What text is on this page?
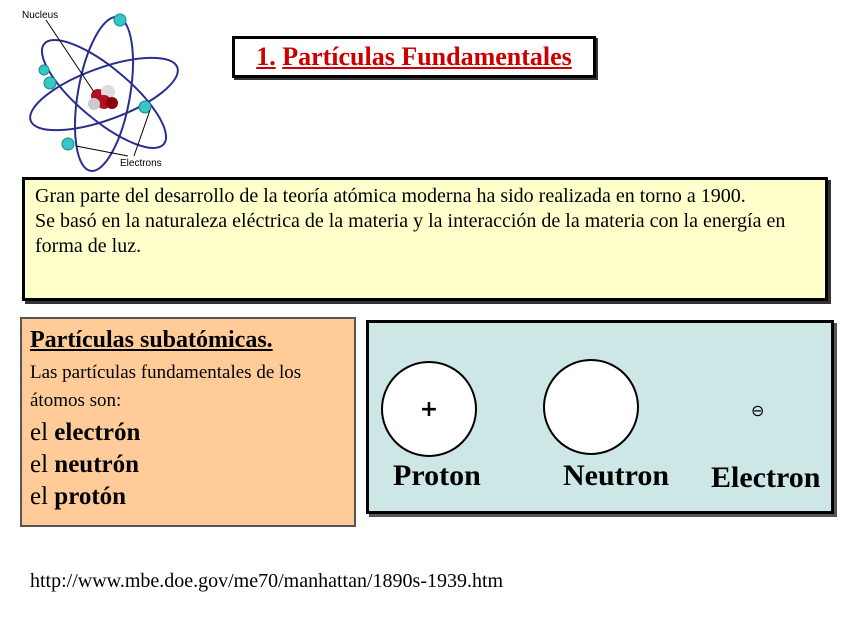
Nucleus
Electrons
1.
Partículas Fundamentales

Gran parte del desarrollo de la teoría atómica moderna ha sido realizada en torno a 1900.

Se basó en la naturaleza eléctrica de la materia y la interacción de la materia con la energía en forma de luz.

Partículas subatómicas.
Las partículas fundamentales de los átomos son:
el electrón
el neutrón
el protón
+	⊖
Proton	Neutron Electron
http://www.mbe.doe.gov/me70/manhattan/1890s-1939.htm
